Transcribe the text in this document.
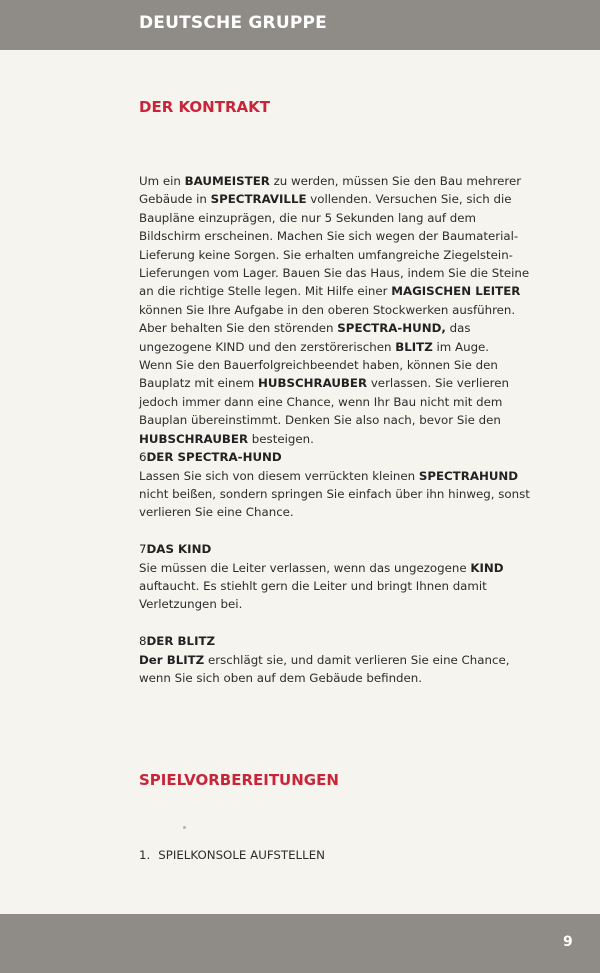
DEUTSCHE GRUPPE
DER KONTRAKT

Um ein BAUMEISTER zu werden, müssen Sie den Bau mehrerer Gebäude in SPECTRAVILLE vollenden. Versuchen Sie, sich die Baupläne einzuprägen, die nur 5 Sekunden lang auf dem Bildschirm erscheinen. Machen Sie sich wegen der Baumaterial-Lieferung keine Sorgen. Sie erhalten umfangreiche Ziegelstein-Lieferungen vom Lager. Bauen Sie das Haus, indem Sie die Steine an die richtige Stelle legen. Mit Hilfe einer MAGISCHEN LEITER können Sie Ihre Aufgabe in den oberen Stockwerken ausführen. Aber behalten Sie den störenden SPECTRA-HUND, das ungezogene KIND und den zerstörerischen BLITZ im Auge.

Wenn Sie den Bauerfolgreichbeendet haben, können Sie den Bauplatz mit einem HUBSCHRAUBER verlassen. Sie verlieren jedoch immer dann eine Chance, wenn Ihr Bau nicht mit dem Bauplan übereinstimmt. Denken Sie also nach, bevor Sie den HUBSCHRAUBER besteigen.

6DER SPECTRA-HUND

Lassen Sie sich von diesem verrückten kleinen SPECTRAHUND nicht beißen, sondern springen Sie einfach über ihn hinweg, sonst verlieren Sie eine Chance.

7DAS KIND

Sie müssen die Leiter verlassen, wenn das ungezogene KIND auftaucht. Es stiehlt gern die Leiter und bringt Ihnen damit Verletzungen bei.

8DER BLITZ

Der BLITZ erschlägt sie, und damit verlieren Sie eine Chance, wenn Sie sich oben auf dem Gebäude befinden.

SPIELVORBEREITUNGEN
1. SPIELKONSOLE AUFSTELLEN
9
